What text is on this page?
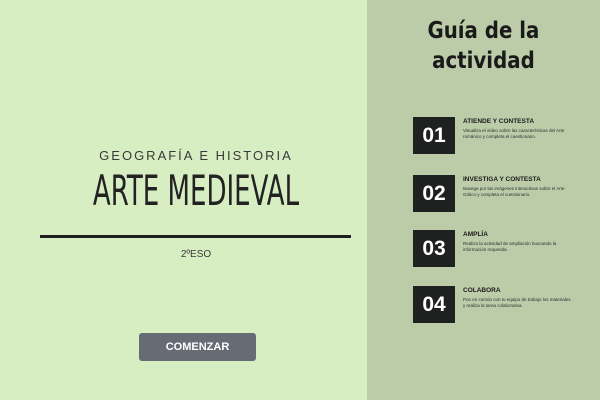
GEOGRAFÍA E HISTORIA
ARTE MEDIEVAL
2ºESO
COMENZAR
Guía de la
actividad
01
ATIENDE Y CONTESTA
Visualiza el vídeo sobre las características del Arte románico y completa el cuestionario.
02
INVESTIGA Y CONTESTA
Navega por las imágenes interactivas sobre el Arte Gótico y completa el cuestionario.
03
AMPLÍA
Realiza la actividad de ampliación buscando la información requerida.
04
COLABORA
Pon en común con tu equipo de trabajo los materiales y realiza la tarea colaborativa.
